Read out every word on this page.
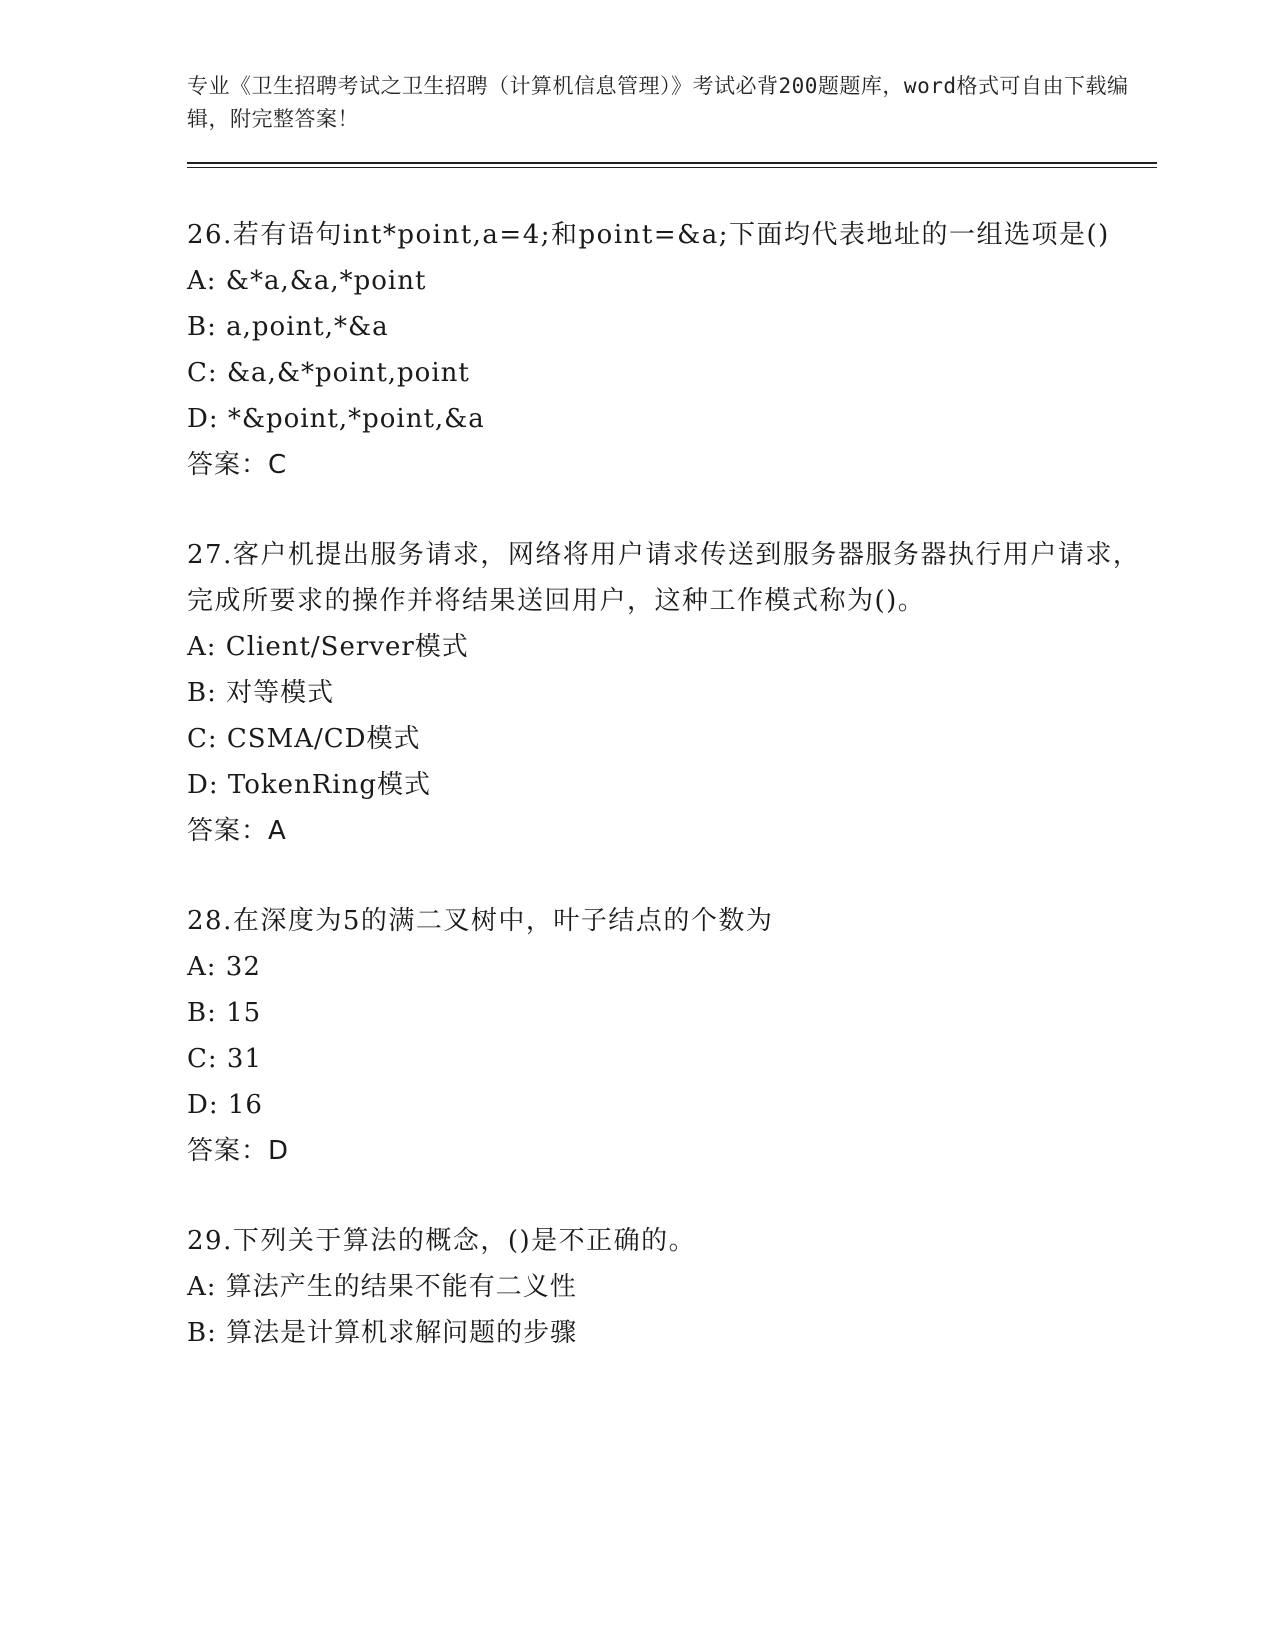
专业《卫生招聘考试之卫生招聘（计算机信息管理）》考试必背200题题库，word格式可自由下载编辑，附完整答案！
26.若有语句int*point,a=4;和point=&a;下面均代表地址的一组选项是()
A: &*a,&a,*point
B: a,point,*&a
C: &a,&*point,point
D: *&point,*point,&a
答案：C
27.客户机提出服务请求，网络将用户请求传送到服务器服务器执行用户请求，完成所要求的操作并将结果送回用户，这种工作模式称为()。
A: Client/Server模式
B: 对等模式
C: CSMA/CD模式
D: TokenRing模式
答案：A
28.在深度为5的满二叉树中，叶子结点的个数为
A: 32
B: 15
C: 31
D: 16
答案：D
29.下列关于算法的概念，()是不正确的。
A: 算法产生的结果不能有二义性
B: 算法是计算机求解问题的步骤
